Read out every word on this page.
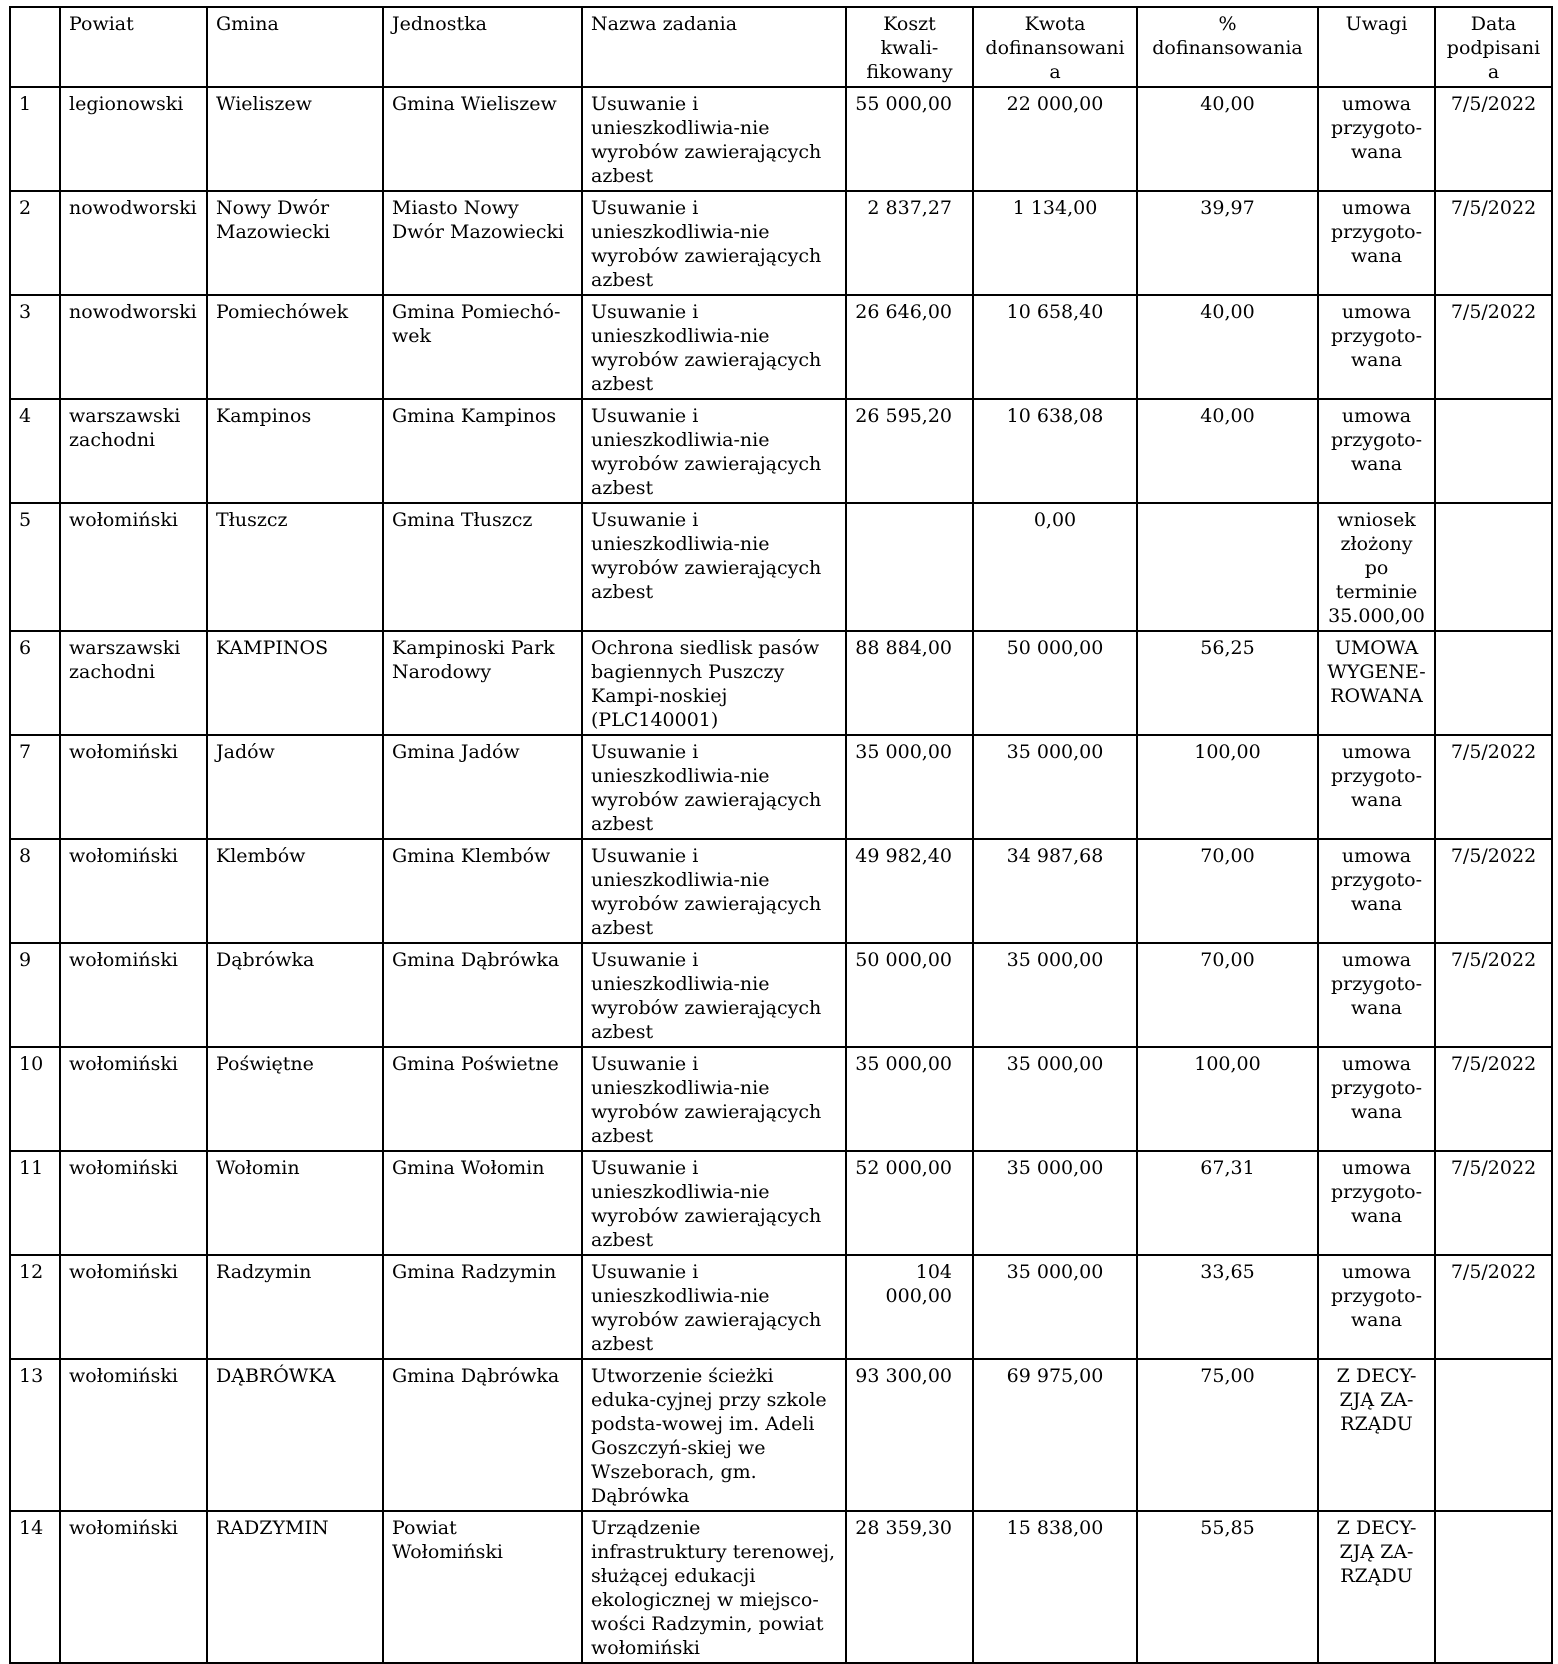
	Powiat	Gmina	Jednostka	Nazwa zadania	Koszt kwali-fikowany	Kwota dofinansowania	% dofinansowania	Uwagi	Data podpisania
1	legionowski	Wieliszew	Gmina Wieliszew	Usuwanie i unieszkodliwia-nie wyrobów zawierających azbest	55 000,00	22 000,00	40,00	umowa przygoto-wana	7/5/2022
2	nowodworski	Nowy Dwór Mazowiecki	Miasto Nowy Dwór Mazowiecki	Usuwanie i unieszkodliwia-nie wyrobów zawierających azbest	2 837,27	1 134,00	39,97	umowa przygoto-wana	7/5/2022
3	nowodworski	Pomiechówek	Gmina Pomiechó-wek	Usuwanie i unieszkodliwia-nie wyrobów zawierających azbest	26 646,00	10 658,40	40,00	umowa przygoto-wana	7/5/2022
4	warszawski zachodni	Kampinos	Gmina Kampinos	Usuwanie i unieszkodliwia-nie wyrobów zawierających azbest	26 595,20	10 638,08	40,00	umowa przygoto-wana	
5	wołomiński	Tłuszcz	Gmina Tłuszcz	Usuwanie i unieszkodliwia-nie wyrobów zawierających azbest		0,00		wniosek złożony po terminie 35.000,00	
6	warszawski zachodni	KAMPINOS	Kampinoski Park Narodowy	Ochrona siedlisk pasów bagiennych Puszczy Kampi-noskiej (PLC140001)	88 884,00	50 000,00	56,25	UMOWA WYGENE-ROWANA	
7	wołomiński	Jadów	Gmina Jadów	Usuwanie i unieszkodliwia-nie wyrobów zawierających azbest	35 000,00	35 000,00	100,00	umowa przygoto-wana	7/5/2022
8	wołomiński	Klembów	Gmina Klembów	Usuwanie i unieszkodliwia-nie wyrobów zawierających azbest	49 982,40	34 987,68	70,00	umowa przygoto-wana	7/5/2022
9	wołomiński	Dąbrówka	Gmina Dąbrówka	Usuwanie i unieszkodliwia-nie wyrobów zawierających azbest	50 000,00	35 000,00	70,00	umowa przygoto-wana	7/5/2022
10	wołomiński	Poświętne	Gmina Poświetne	Usuwanie i unieszkodliwia-nie wyrobów zawierających azbest	35 000,00	35 000,00	100,00	umowa przygoto-wana	7/5/2022
11	wołomiński	Wołomin	Gmina Wołomin	Usuwanie i unieszkodliwia-nie wyrobów zawierających azbest	52 000,00	35 000,00	67,31	umowa przygoto-wana	7/5/2022
12	wołomiński	Radzymin	Gmina Radzymin	Usuwanie i unieszkodliwia-nie wyrobów zawierających azbest	104 000,00	35 000,00	33,65	umowa przygoto-wana	7/5/2022
13	wołomiński	DĄBRÓWKA	Gmina Dąbrówka	Utworzenie ścieżki eduka-cyjnej przy szkole podsta-wowej im. Adeli Goszczyń-skiej we Wszeborach, gm. Dąbrówka	93 300,00	69 975,00	75,00	Z DECY-ZJĄ ZA-RZĄDU	
14	wołomiński	RADZYMIN	Powiat Wołomiński	Urządzenie infrastruktury terenowej, służącej edukacji ekologicznej w miejsco-wości Radzymin, powiat wołomiński	28 359,30	15 838,00	55,85	Z DECY-ZJĄ ZA-RZĄDU	
